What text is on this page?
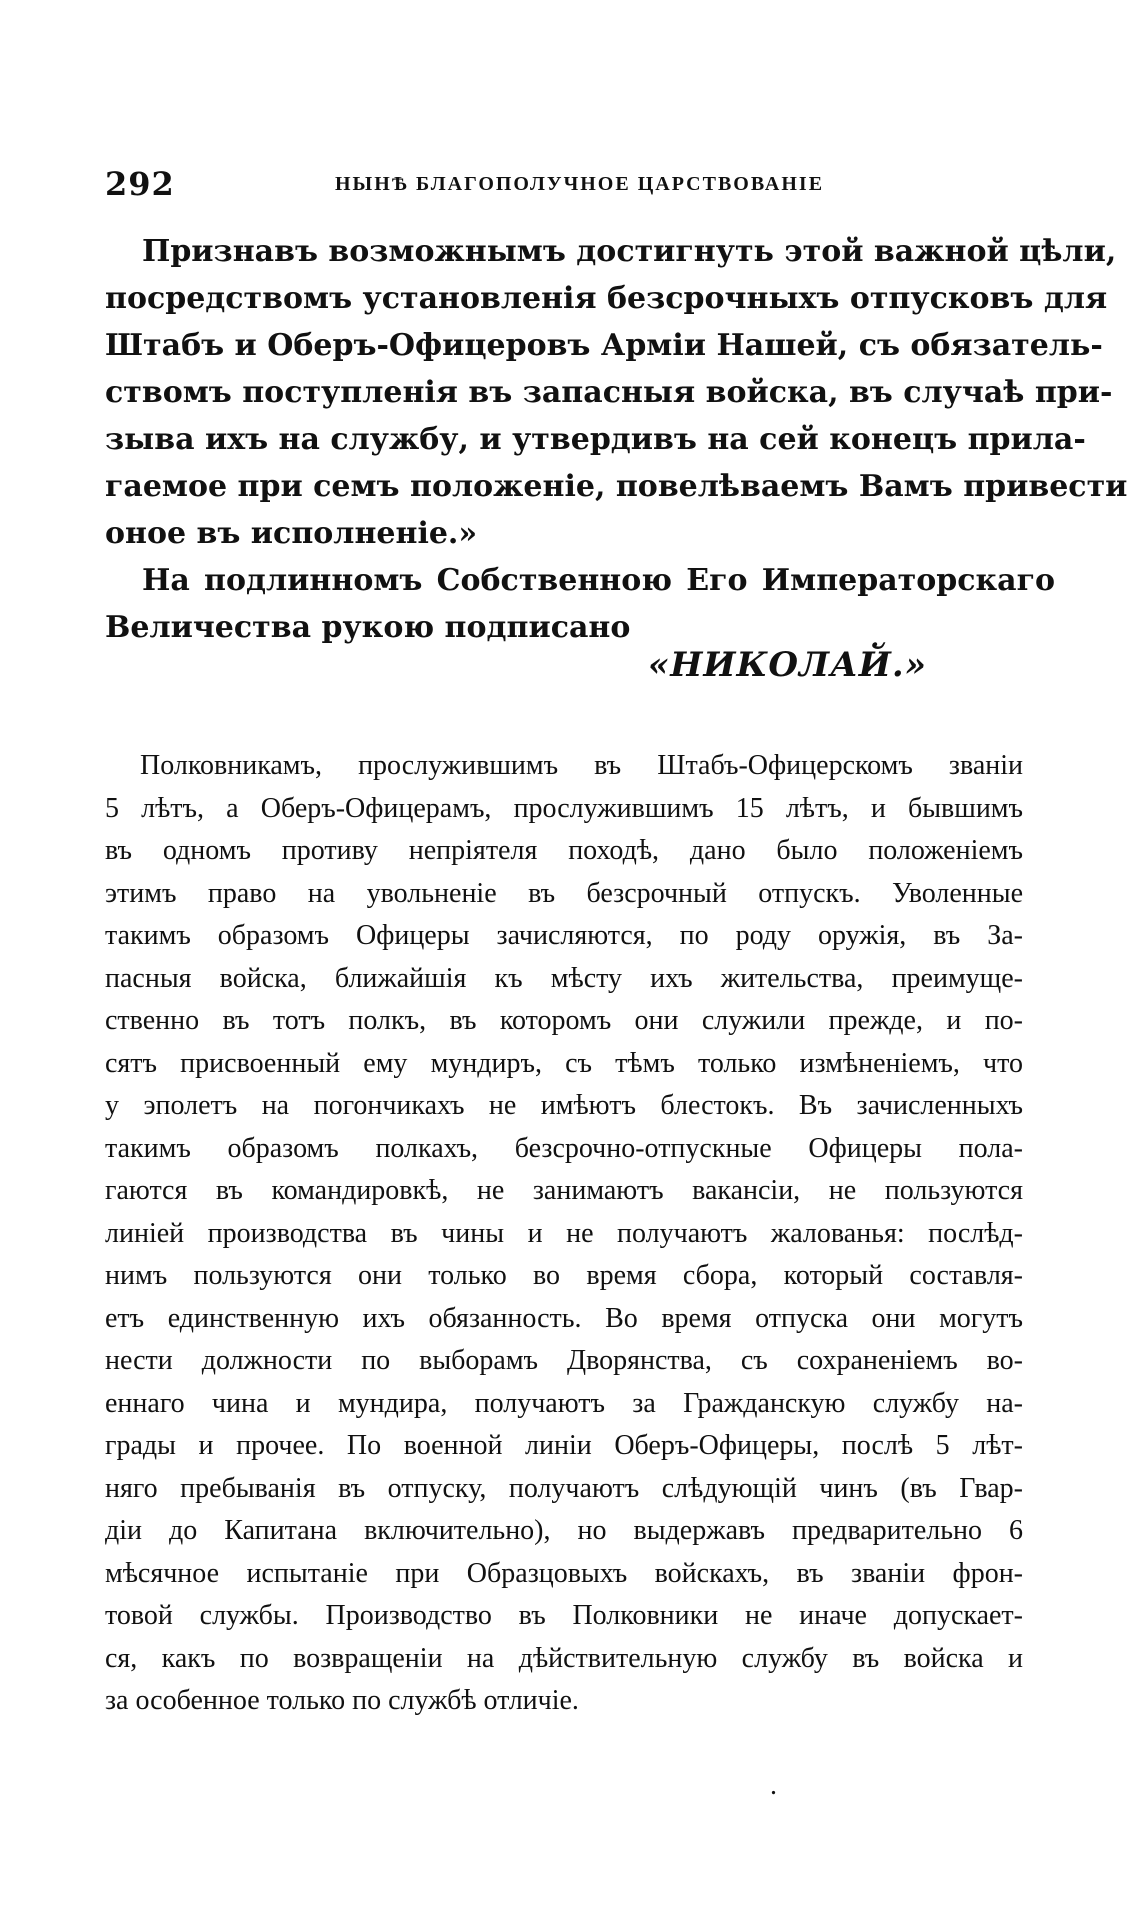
292	НЫНѢ БЛАГОПОЛУЧНОЕ ЦАРСТВОВАНІЕ
Признавъ возможнымъ достигнуть этой важной цѣли,
посредствомъ установленія безсрочныхъ отпусковъ для
Штабъ и Оберъ-Офицеровъ Арміи Нашей, съ обязатель-
ствомъ поступленія въ запасныя войска, въ случаѣ при-
зыва ихъ на службу, и утвердивъ на сей конецъ прила-
гаемое при семъ положеніе, повелѣваемъ Вамъ привести
оное въ исполненіе.»
На подлинномъ Собственною Его Императорскаго
Величества рукою подписано
«НИКОЛАЙ.»
Полковникамъ, прослужившимъ въ Штабъ-Офицерскомъ званіи
5 лѣтъ, а Оберъ-Офицерамъ, прослужившимъ 15 лѣтъ, и бывшимъ
въ одномъ противу непріятеля походѣ, дано было положеніемъ
этимъ право на увольненіе въ безсрочный отпускъ. Уволенные
такимъ образомъ Офицеры зачисляются, по роду оружія, въ За-
пасныя войска, ближайшія къ мѣсту ихъ жительства, преимуще-
ственно въ тотъ полкъ, въ которомъ они служили прежде, и по-
сятъ присвоенный ему мундиръ, съ тѣмъ только измѣненіемъ, что
у эполетъ на погончикахъ не имѣютъ блестокъ. Въ зачисленныхъ
такимъ образомъ полкахъ, безсрочно-отпускные Офицеры пола-
гаются въ командировкѣ, не занимаютъ вакансіи, не пользуются
линіей производства въ чины и не получаютъ жалованья: послѣд-
нимъ пользуются они только во время сбора, который составля-
етъ единственную ихъ обязанность. Во время отпуска они могутъ
нести должности по выборамъ Дворянства, съ сохраненіемъ во-
еннаго чина и мундира, получаютъ за Гражданскую службу на-
грады и прочее. По военной линіи Оберъ-Офицеры, послѣ 5 лѣт-
няго пребыванія въ отпуску, получаютъ слѣдующій чинъ (въ Гвар-
діи до Капитана включительно), но выдержавъ предварительно 6
мѣсячное испытаніе при Образцовыхъ войскахъ, въ званіи фрон-
товой службы. Производство въ Полковники не иначе допускает-
ся, какъ по возвращеніи на дѣйствительную службу въ войска и
за особенное только по службѣ отличіе.
.
